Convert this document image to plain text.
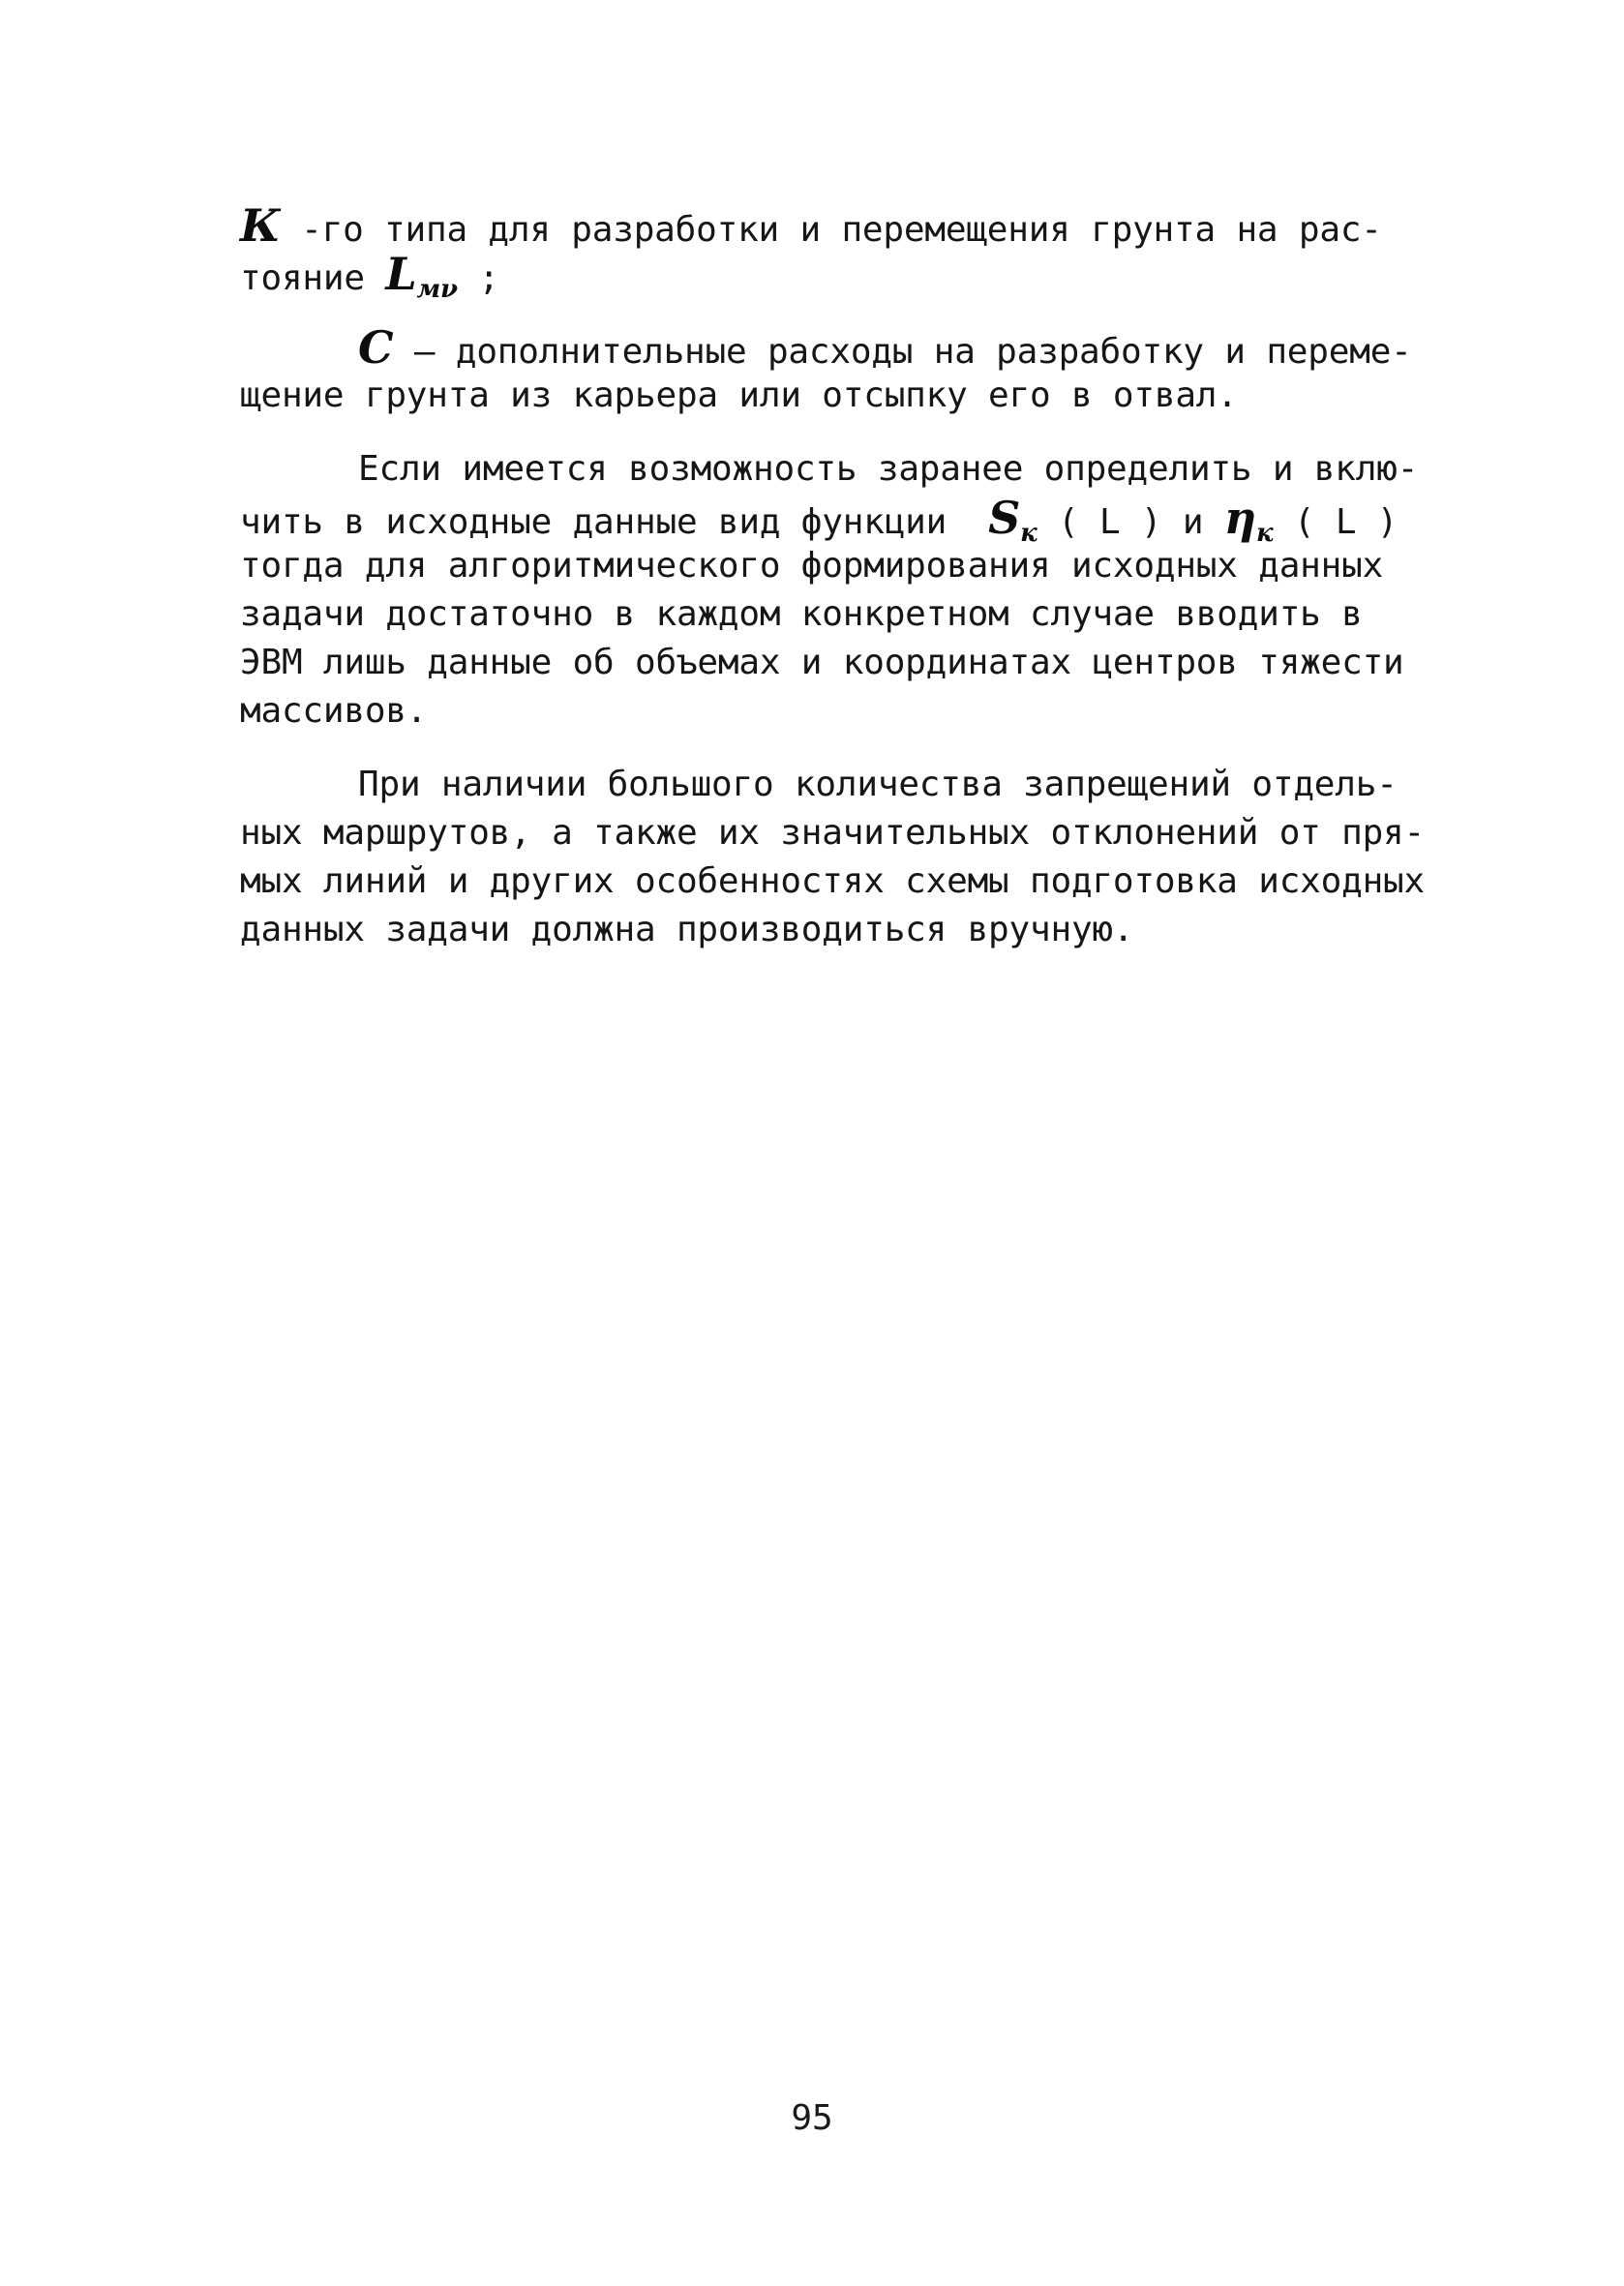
К -го типа для разработки и перемещения грунта на рас-
тояние $L_{м\nu}$ ;
С – дополнительные расходы на разработку и переме-
щение грунта из карьера или отсыпку его в отвал.
Если имеется возможность заранее определить и вклю-
чить в исходные данные вид функции  $S_к$ ( L ) и $\eta_к$ ( L )
тогда для алгоритмического формирования исходных данных
задачи достаточно в каждом конкретном случае вводить в
ЭВМ лишь данные об объемах и координатах центров тяжести
массивов.
При наличии большого количества запрещений отдель-
ных маршрутов, а также их значительных отклонений от пря-
мых линий и других особенностях схемы подготовка исходных
данных задачи должна производиться вручную.
95
